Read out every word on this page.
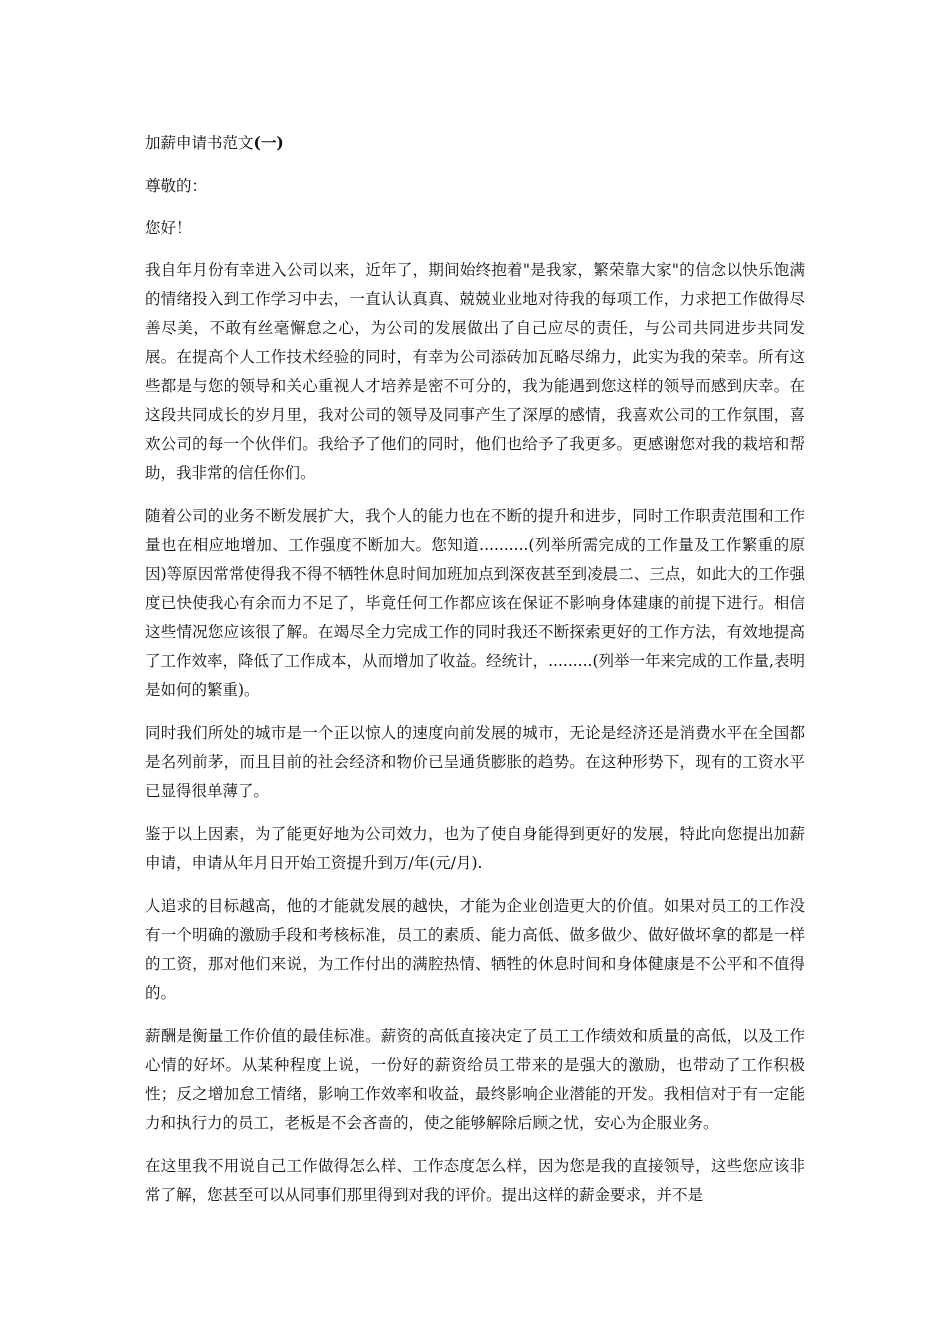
加薪申请书范文(一)

尊敬的：

您好！

我自年月份有幸进入公司以来，近年了，期间始终抱着"是我家，繁荣靠大家"的信念以快乐饱满的情绪投入到工作学习中去，一直认认真真、兢兢业业地对待我的每项工作，力求把工作做得尽善尽美，不敢有丝毫懈怠之心，为公司的发展做出了自己应尽的责任，与公司共同进步共同发展。在提高个人工作技术经验的同时，有幸为公司添砖加瓦略尽绵力，此实为我的荣幸。所有这些都是与您的领导和关心重视人才培养是密不可分的，我为能遇到您这样的领导而感到庆幸。在这段共同成长的岁月里，我对公司的领导及同事产生了深厚的感情，我喜欢公司的工作氛围，喜欢公司的每一个伙伴们。我给予了他们的同时，他们也给予了我更多。更感谢您对我的栽培和帮助，我非常的信任你们。

随着公司的业务不断发展扩大，我个人的能力也在不断的提升和进步，同时工作职责范围和工作量也在相应地增加、工作强度不断加大。您知道..........(列举所需完成的工作量及工作繁重的原因)等原因常常使得我不得不牺牲休息时间加班加点到深夜甚至到凌晨二、三点，如此大的工作强度已快使我心有余而力不足了，毕竟任何工作都应该在保证不影响身体建康的前提下进行。相信这些情况您应该很了解。在竭尽全力完成工作的同时我还不断探索更好的工作方法，有效地提高了工作效率，降低了工作成本，从而增加了收益。经统计，.........(列举一年来完成的工作量,表明是如何的繁重)。

同时我们所处的城市是一个正以惊人的速度向前发展的城市，无论是经济还是消费水平在全国都是名列前茅，而且目前的社会经济和物价已呈通货膨胀的趋势。在这种形势下，现有的工资水平已显得很单薄了。

鉴于以上因素，为了能更好地为公司效力，也为了使自身能得到更好的发展，特此向您提出加薪申请，申请从年月日开始工资提升到万/年(元/月).

人追求的目标越高，他的才能就发展的越快，才能为企业创造更大的价值。如果对员工的工作没有一个明确的激励手段和考核标准，员工的素质、能力高低、做多做少、做好做坏拿的都是一样的工资，那对他们来说，为工作付出的满腔热情、牺牲的休息时间和身体健康是不公平和不值得的。

薪酬是衡量工作价值的最佳标准。薪资的高低直接决定了员工工作绩效和质量的高低，以及工作心情的好坏。从某种程度上说，一份好的薪资给员工带来的是强大的激励，也带动了工作积极性；反之增加怠工情绪，影响工作效率和收益，最终影响企业潜能的开发。我相信对于有一定能力和执行力的员工，老板是不会吝啬的，使之能够解除后顾之忧，安心为企服业务。

在这里我不用说自己工作做得怎么样、工作态度怎么样，因为您是我的直接领导，这些您应该非常了解，您甚至可以从同事们那里得到对我的评价。提出这样的薪金要求，并不是
